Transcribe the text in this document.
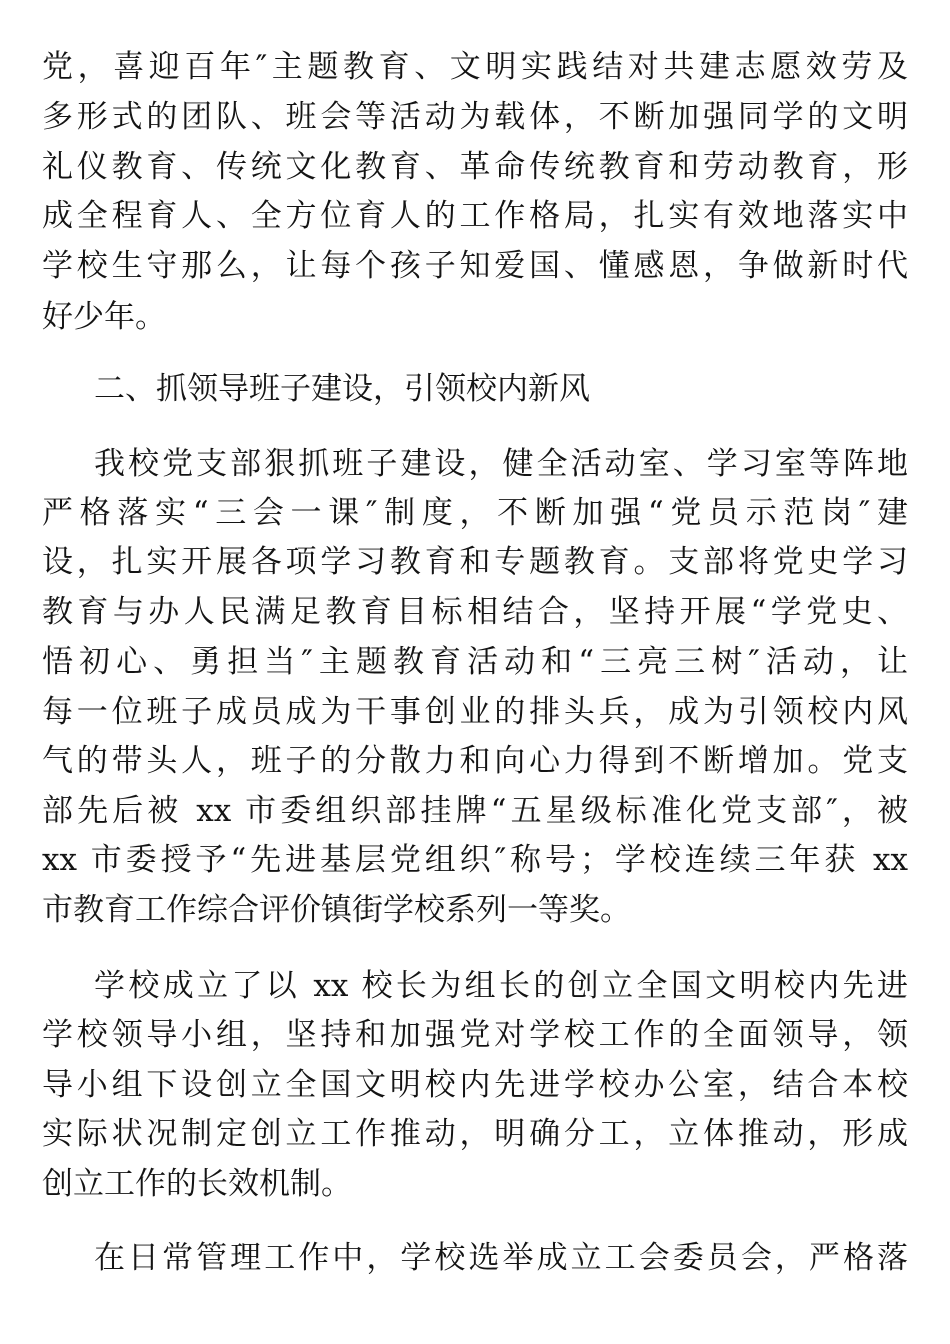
党，喜迎百年″主题教育、文明实践结对共建志愿效劳及
多形式的团队、班会等活动为载体，不断加强同学的文明
礼仪教育、传统文化教育、革命传统教育和劳动教育，形
成全程育人、全方位育人的工作格局，扎实有效地落实中
学校生守那么，让每个孩子知爱国、懂感恩，争做新时代
好少年。
二、抓领导班子建设，引领校内新风
我校党支部狠抓班子建设，健全活动室、学习室等阵地
严格落实“三会一课″制度，不断加强“党员示范岗″建
设，扎实开展各项学习教育和专题教育。支部将党史学习
教育与办人民满足教育目标相结合，坚持开展“学党史、
悟初心、勇担当″主题教育活动和“三亮三树″活动，让
每一位班子成员成为干事创业的排头兵，成为引领校内风
气的带头人，班子的分散力和向心力得到不断增加。党支
部先后被 xx 市委组织部挂牌“五星级标准化党支部″，被
xx 市委授予“先进基层党组织″称号；学校连续三年获 xx
市教育工作综合评价镇街学校系列一等奖。
学校成立了以 xx 校长为组长的创立全国文明校内先进
学校领导小组，坚持和加强党对学校工作的全面领导，领
导小组下设创立全国文明校内先进学校办公室，结合本校
实际状况制定创立工作推动，明确分工，立体推动，形成
创立工作的长效机制。
在日常管理工作中，学校选举成立工会委员会，严格落
